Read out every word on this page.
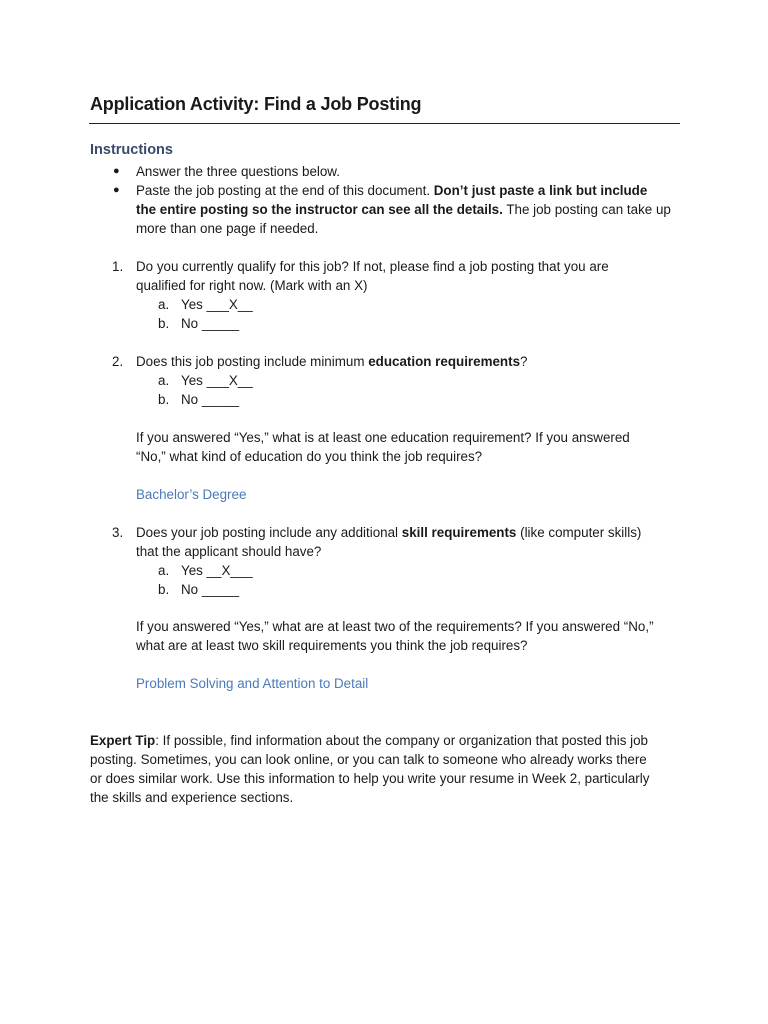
Application Activity: Find a Job Posting
Instructions
● Answer the three questions below.
● Paste the job posting at the end of this document. Don’t just paste a link but include
the entire posting so the instructor can see all the details. The job posting can take up
more than one page if needed.
1. Do you currently qualify for this job? If not, please find a job posting that you are
qualified for right now. (Mark with an X)
a. Yes ___X__
b. No _____
2. Does this job posting include minimum education requirements?
a. Yes ___X__
b. No _____
If you answered “Yes,” what is at least one education requirement? If you answered
“No,” what kind of education do you think the job requires?
Bachelor’s Degree
3. Does your job posting include any additional skill requirements (like computer skills)
that the applicant should have?
a. Yes __X___
b. No _____
If you answered “Yes,” what are at least two of the requirements? If you answered “No,”
what are at least two skill requirements you think the job requires?
Problem Solving and Attention to Detail
Expert Tip: If possible, find information about the company or organization that posted this job
posting. Sometimes, you can look online, or you can talk to someone who already works there
or does similar work. Use this information to help you write your resume in Week 2, particularly
the skills and experience sections.
